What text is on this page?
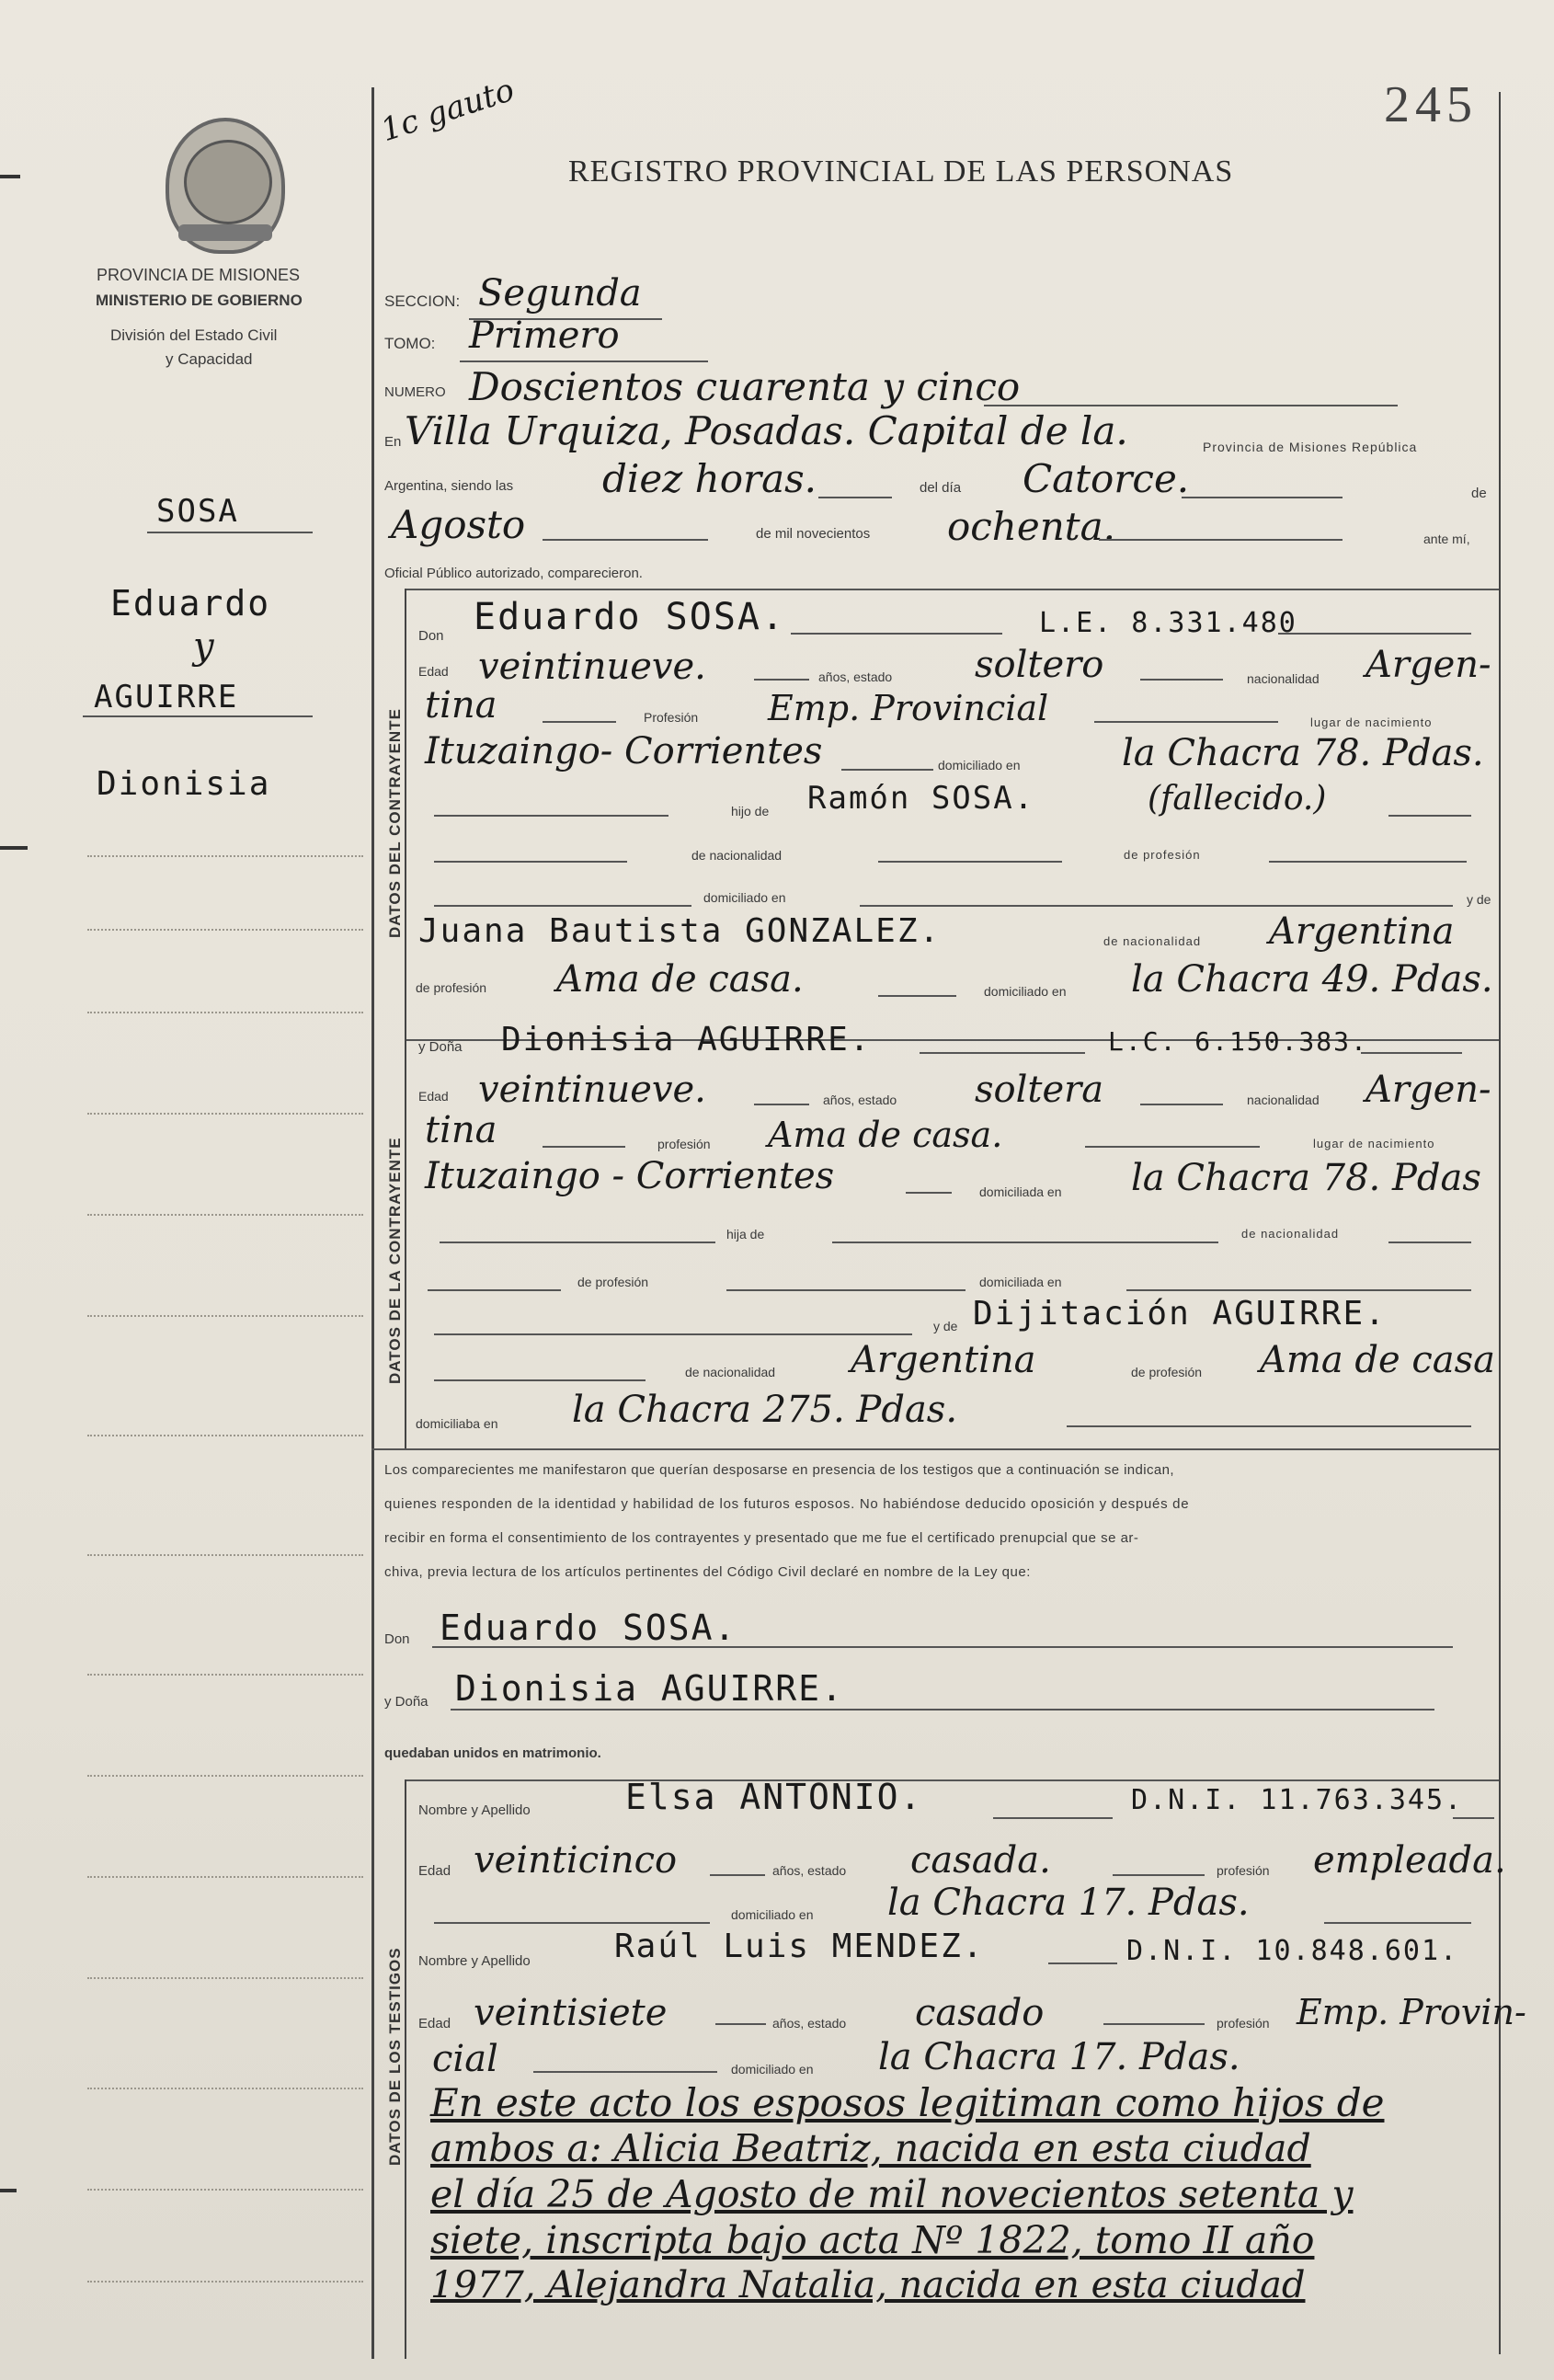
PROVINCIA DE MISIONES
MINISTERIO DE GOBIERNO
División del Estado Civil
y Capacidad
SOSA
Eduardo
y
AGUIRRE
Dionisia
1c gauto	245
REGISTRO PROVINCIAL DE LAS PERSONAS
SECCION: Segunda
TOMO: Primero
NUMERO Doscientos cuarenta y cinco
En Villa Urquiza, Posadas. Capital de la.	Provincia de Misiones República
Argentina, siendo las diez horas.	del día Catorce.	de
Agosto	de mil novecientos ochenta.	ante mí,
Oficial Público autorizado, comparecieron.
DATOS DEL CONTRAYENTE
Don Eduardo SOSA.	L.E. 8.331.480
Edad veintinueve.	años, estado soltero	nacionalidad Argen-
tina	Profesión Emp. Provincial	lugar de nacimiento
Ituzaingo- Corrientes	domiciliado en	la Chacra 78. Pdas.
hijo de Ramón SOSA.	(fallecido.)
de nacionalidad	de profesión
domiciliado en	y de
Juana Bautista GONZALEZ.	de nacionalidad Argentina
de profesión Ama de casa.	domiciliado en la Chacra 49. Pdas.
DATOS DE LA CONTRAYENTE
y Doña Dionisia AGUIRRE.	L.C. 6.150.383.
Edad veintinueve.	años, estado soltera	nacionalidad Argen-
tina	profesión Ama de casa.	lugar de nacimiento
Ituzaingo - Corrientes	domiciliada en la Chacra 78. Pdas
hija de	de nacionalidad
de profesión	domiciliada en
y de Dijitación AGUIRRE.
de nacionalidad Argentina	de profesión Ama de casa
domiciliaba en la Chacra 275. Pdas.
Los comparecientes me manifestaron que querían desposarse en presencia de los testigos que a continuación se indican,
quienes responden de la identidad y habilidad de los futuros esposos. No habiéndose deducido oposición y después de
recibir en forma el consentimiento de los contrayentes y presentado que me fue el certificado prenupcial que se ar-
chiva, previa lectura de los artículos pertinentes del Código Civil declaré en nombre de la Ley que:
Don Eduardo SOSA.
y Doña Dionisia AGUIRRE.
quedaban unidos en matrimonio.
DATOS DE LOS TESTIGOS
Nombre y Apellido	Elsa ANTONIO.	D.N.I. 11.763.345.
Edad veinticinco	años, estado casada.	profesión empleada.
domiciliado en la Chacra 17. Pdas.
Nombre y Apellido	Raúl Luis MENDEZ.	D.N.I. 10.848.601.
Edad veintisiete	años, estado casado	profesión Emp. Provin-
cial	domiciliado en la Chacra 17. Pdas.
En este acto los esposos legitiman como hijos de
ambos a: Alicia Beatriz, nacida en esta ciudad
el día 25 de Agosto de mil novecientos setenta y
siete, inscripta bajo acta Nº 1822, tomo II año
1977, Alejandra Natalia, nacida en esta ciudad
